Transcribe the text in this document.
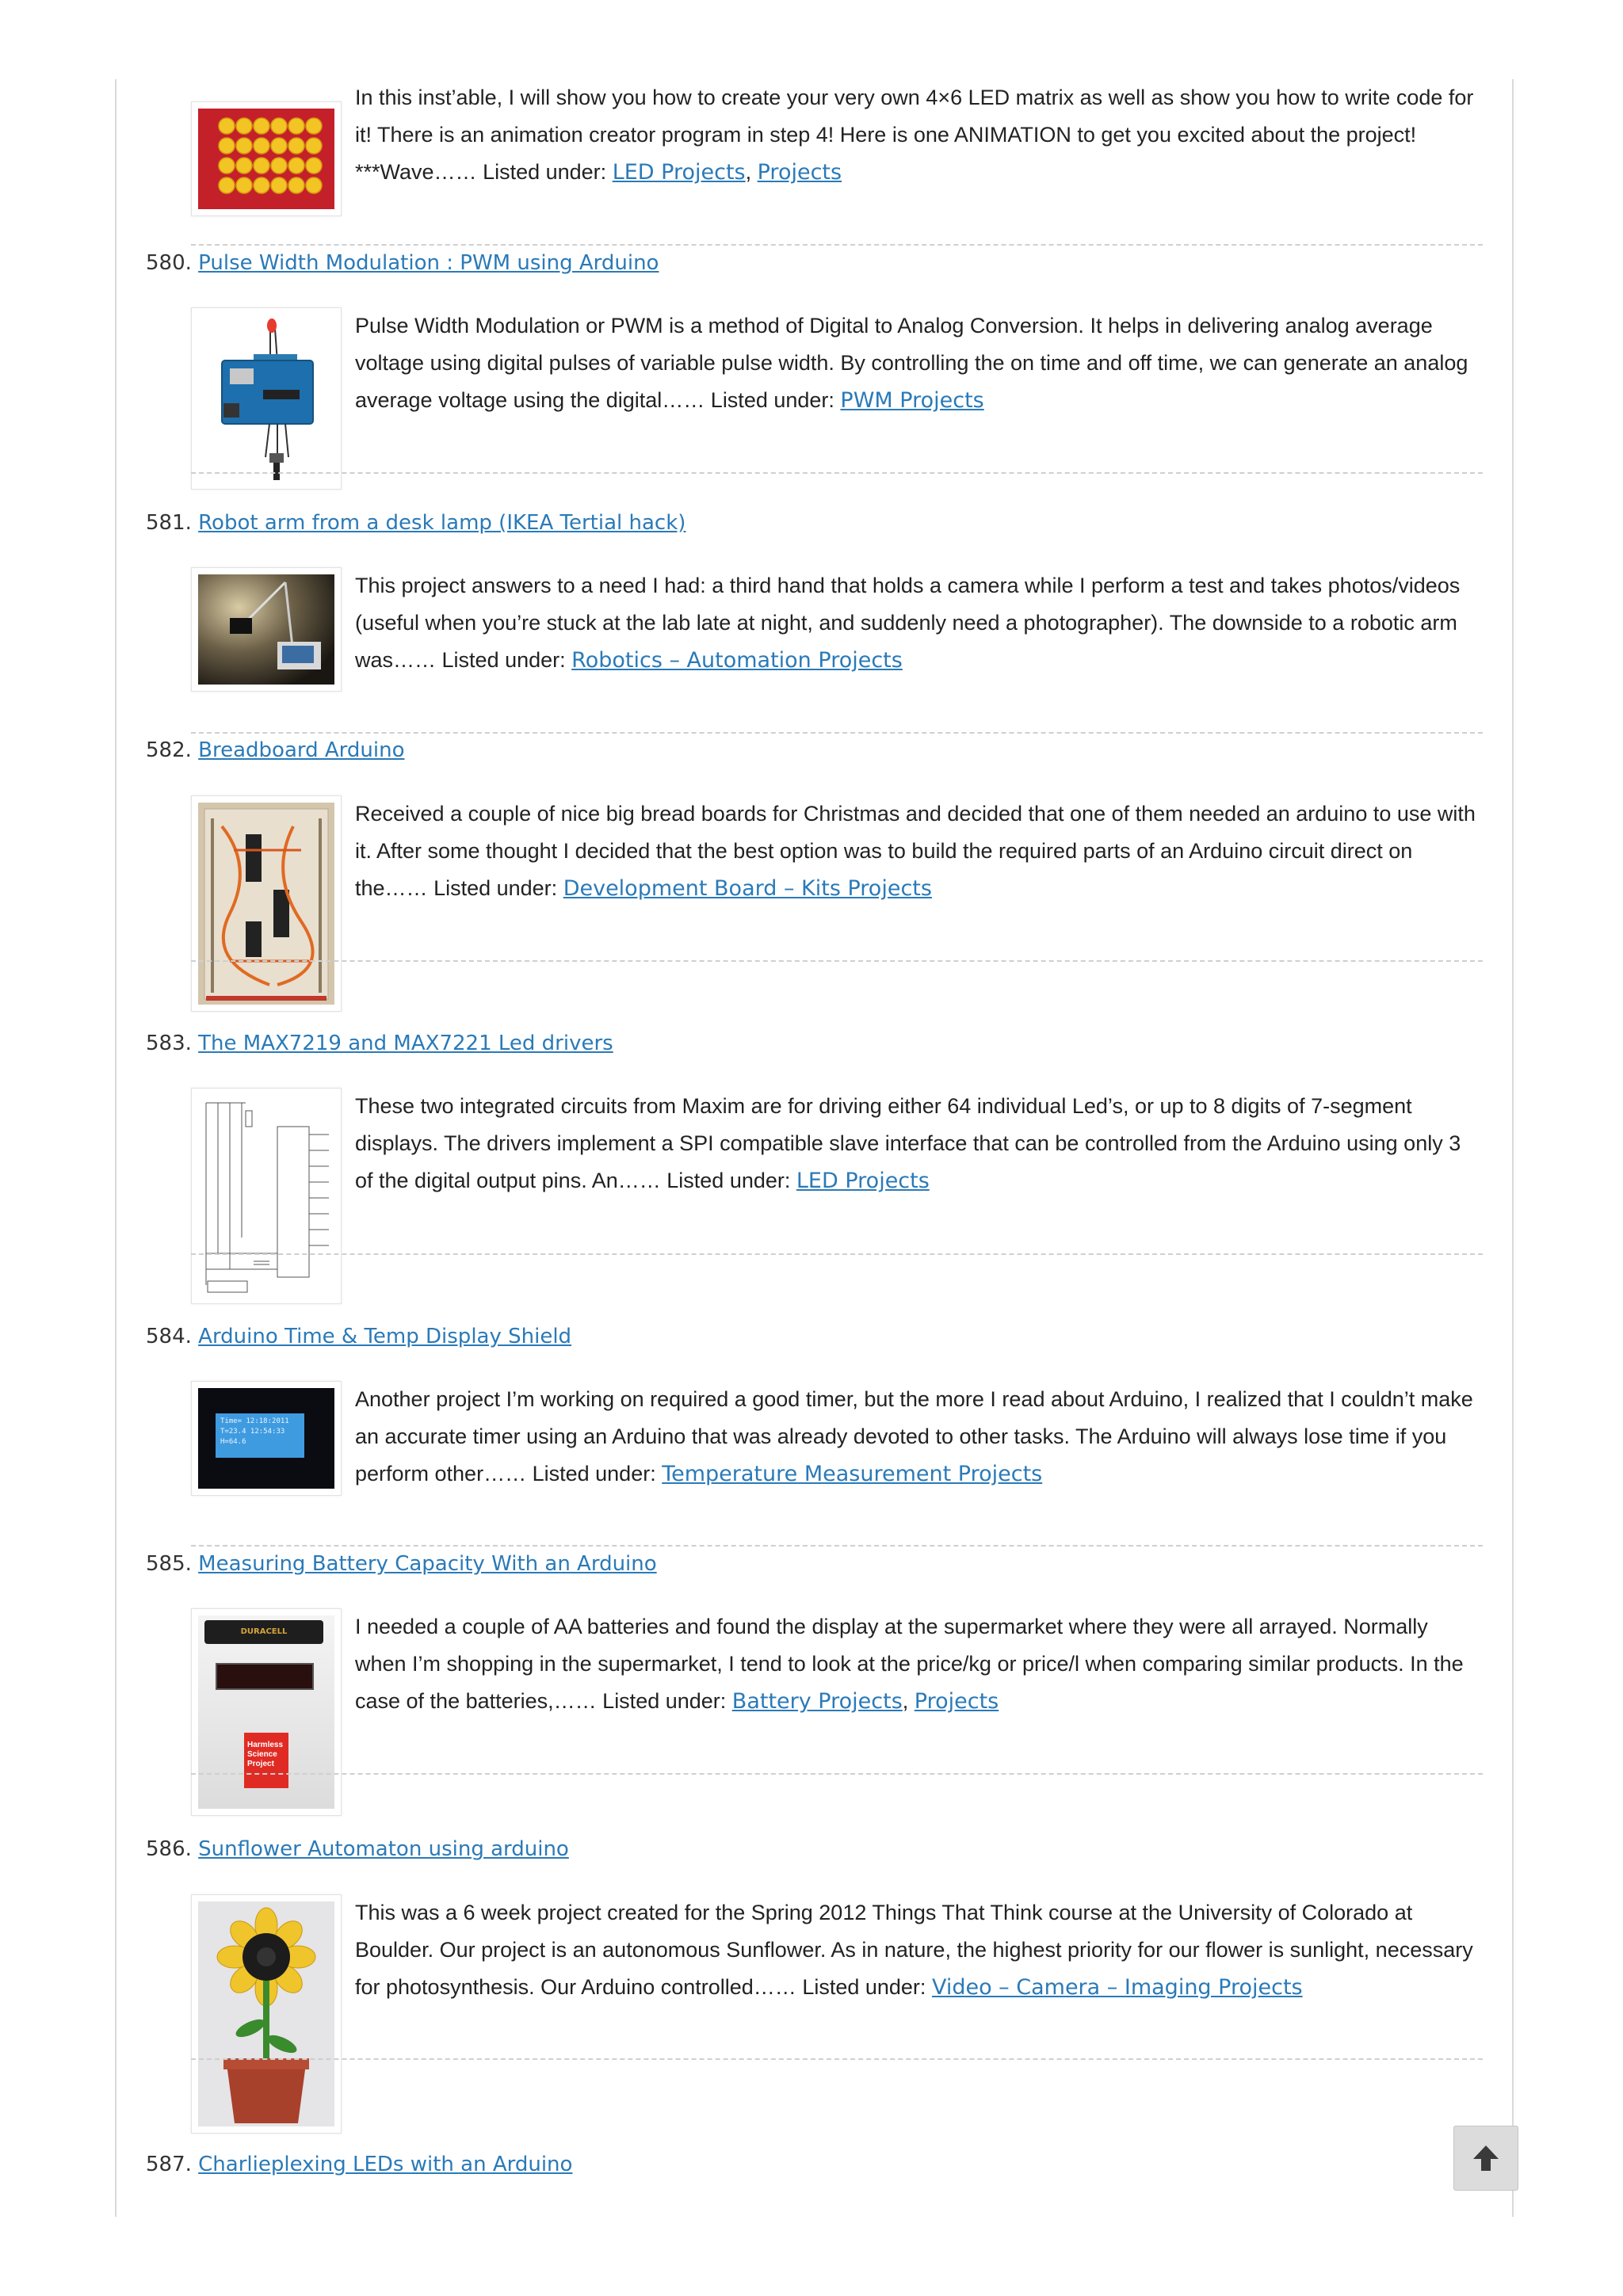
In this inst’able, I will show you how to create your very own 4×6 LED matrix as well as show you how to write code for it! There is an animation creator program in step 4! Here is one ANIMATION to get you excited about the project! ***Wave…… Listed under: LED Projects, Projects
580. Pulse Width Modulation : PWM using Arduino
Pulse Width Modulation or PWM is a method of Digital to Analog Conversion. It helps in delivering analog average voltage using digital pulses of variable pulse width. By controlling the on time and off time, we can generate an analog average voltage using the digital…… Listed under: PWM Projects
581. Robot arm from a desk lamp (IKEA Tertial hack)
This project answers to a need I had: a third hand that holds a camera while I perform a test and takes photos/videos (useful when you’re stuck at the lab late at night, and suddenly need a photographer). The downside to a robotic arm was…… Listed under: Robotics – Automation Projects
582. Breadboard Arduino
Received a couple of nice big bread boards for Christmas and decided that one of them needed an arduino to use with it. After some thought I decided that the best option was to build the required parts of an Arduino circuit direct on the…… Listed under: Development Board – Kits Projects
583. The MAX7219 and MAX7221 Led drivers
These two integrated circuits from Maxim are for driving either 64 individual Led’s, or up to 8 digits of 7-segment displays. The drivers implement a SPI compatible slave interface that can be controlled from the Arduino using only 3 of the digital output pins. An…… Listed under: LED Projects
584. Arduino Time & Temp Display Shield
Time= 12:18:2011
T=23.4 12:54:33
H=64.6
Another project I’m working on required a good timer, but the more I read about Arduino, I realized that I couldn’t make an accurate timer using an Arduino that was already devoted to other tasks. The Arduino will always lose time if you perform other…… Listed under: Temperature Measurement Projects
585. Measuring Battery Capacity With an Arduino
DURACELL
Harmless Science Project
I needed a couple of AA batteries and found the display at the supermarket where they were all arrayed. Normally when I’m shopping in the supermarket, I tend to look at the price/kg or price/l when comparing similar products. In the case of the batteries,…… Listed under: Battery Projects, Projects
586. Sunflower Automaton using arduino
This was a 6 week project created for the Spring 2012 Things That Think course at the University of Colorado at Boulder. Our project is an autonomous Sunflower. As in nature, the highest priority for our flower is sunlight, necessary for photosynthesis. Our Arduino controlled…… Listed under: Video – Camera – Imaging Projects
587. Charlieplexing LEDs with an Arduino
